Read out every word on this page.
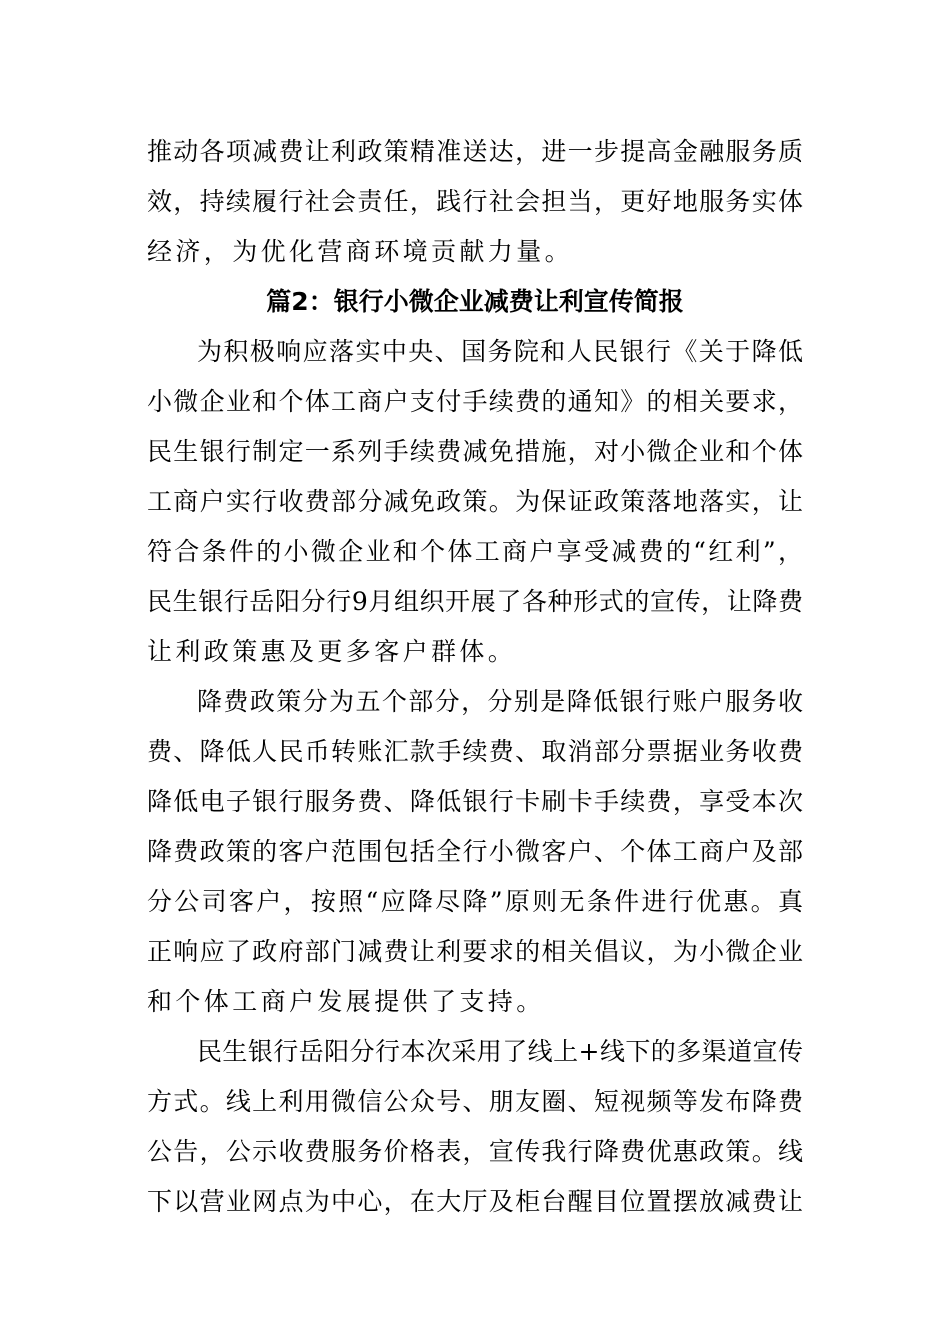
推动各项减费让利政策精准送达，进一步提高金融服务质
效，持续履行社会责任，践行社会担当，更好地服务实体
经济，为优化营商环境贡献力量。
篇2：银行小微企业减费让利宣传简报
为积极响应落实中央、国务院和人民银行《关于降低
小微企业和个体工商户支付手续费的通知》的相关要求，
民生银行制定一系列手续费减免措施，对小微企业和个体
工商户实行收费部分减免政策。为保证政策落地落实，让
符合条件的小微企业和个体工商户享受减费的“红利”，
民生银行岳阳分行9月组织开展了各种形式的宣传，让降费
让利政策惠及更多客户群体。
降费政策分为五个部分，分别是降低银行账户服务收
费、降低人民币转账汇款手续费、取消部分票据业务收费
降低电子银行服务费、降低银行卡刷卡手续费，享受本次
降费政策的客户范围包括全行小微客户、个体工商户及部
分公司客户，按照“应降尽降”原则无条件进行优惠。真
正响应了政府部门减费让利要求的相关倡议，为小微企业
和个体工商户发展提供了支持。
民生银行岳阳分行本次采用了线上+线下的多渠道宣传
方式。线上利用微信公众号、朋友圈、短视频等发布降费
公告，公示收费服务价格表，宣传我行降费优惠政策。线
下以营业网点为中心，在大厅及柜台醒目位置摆放减费让
